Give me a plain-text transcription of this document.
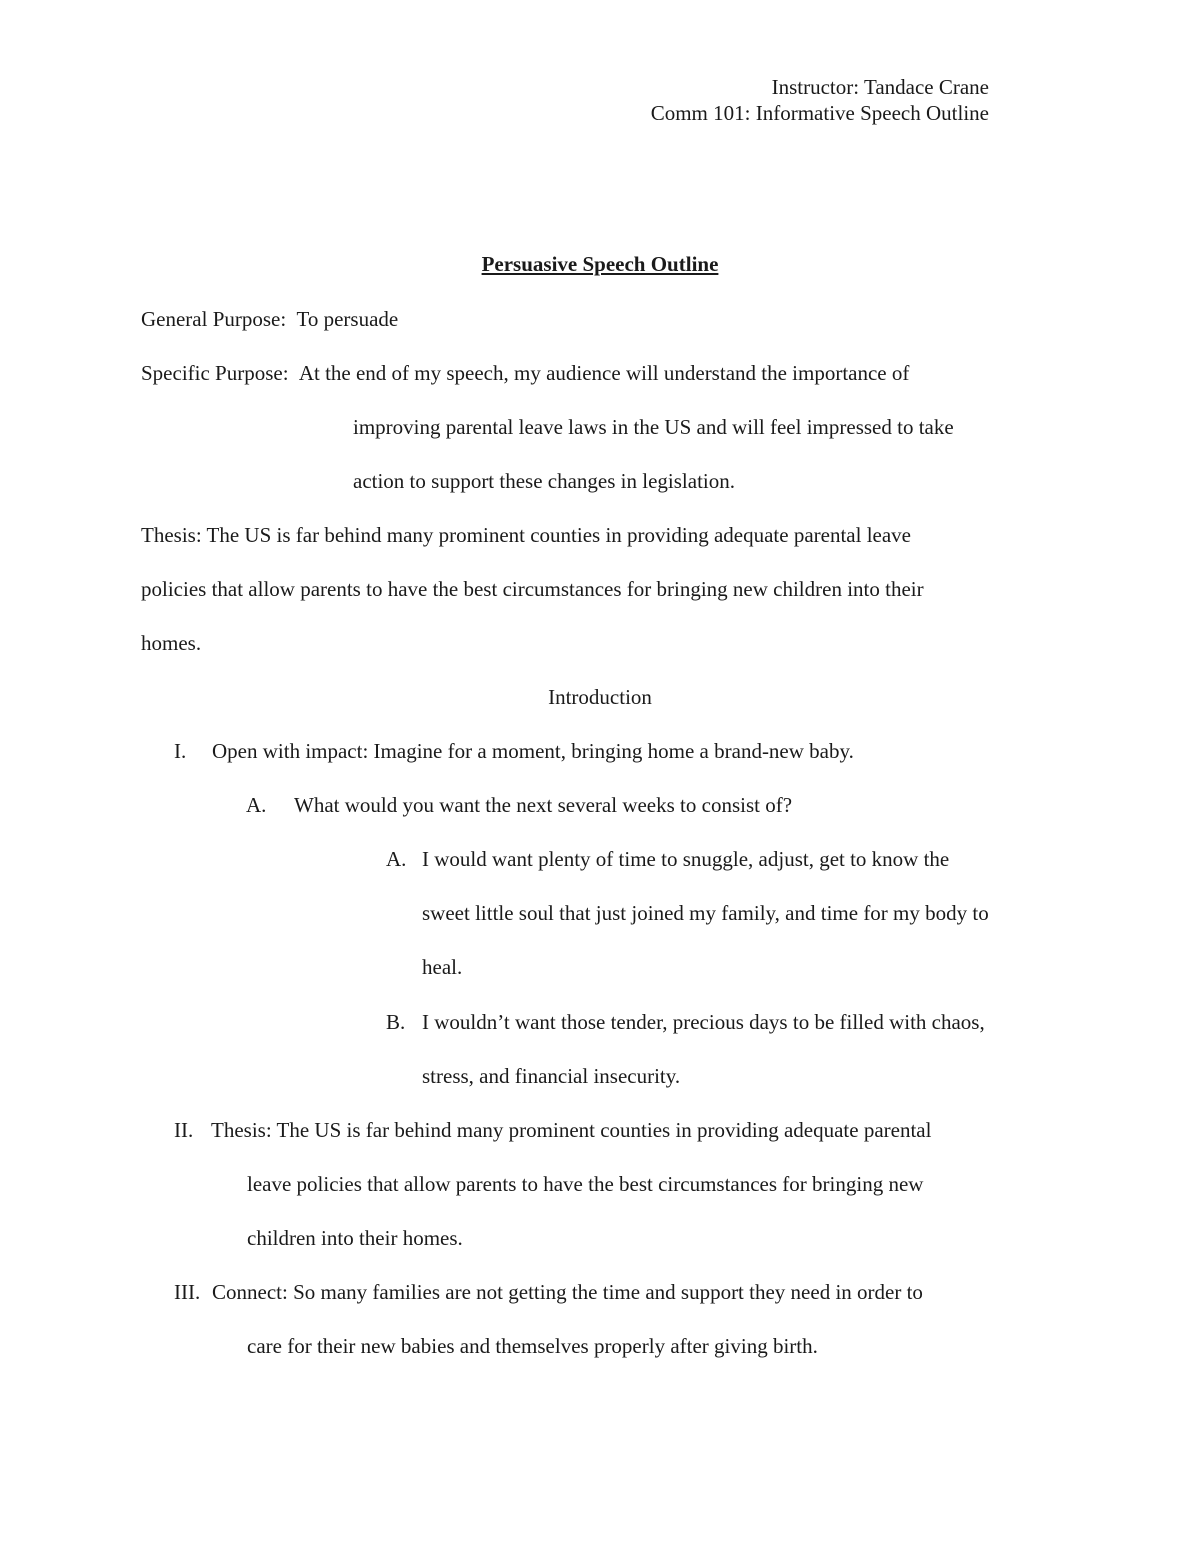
Instructor: Tandace Crane
Comm 101: Informative Speech Outline
Persuasive Speech Outline
General Purpose: To persuade
Specific Purpose: At the end of my speech, my audience will understand the importance of
improving parental leave laws in the US and will feel impressed to take
action to support these changes in legislation.
Thesis: The US is far behind many prominent counties in providing adequate parental leave
policies that allow parents to have the best circumstances for bringing new children into their
homes.
Introduction
I. Open with impact: Imagine for a moment, bringing home a brand-new baby.
A. What would you want the next several weeks to consist of?
A. I would want plenty of time to snuggle, adjust, get to know the
sweet little soul that just joined my family, and time for my body to
heal.
B. I wouldn’t want those tender, precious days to be filled with chaos,
stress, and financial insecurity.
II. Thesis: The US is far behind many prominent counties in providing adequate parental
leave policies that allow parents to have the best circumstances for bringing new
children into their homes.
III. Connect: So many families are not getting the time and support they need in order to
care for their new babies and themselves properly after giving birth.
